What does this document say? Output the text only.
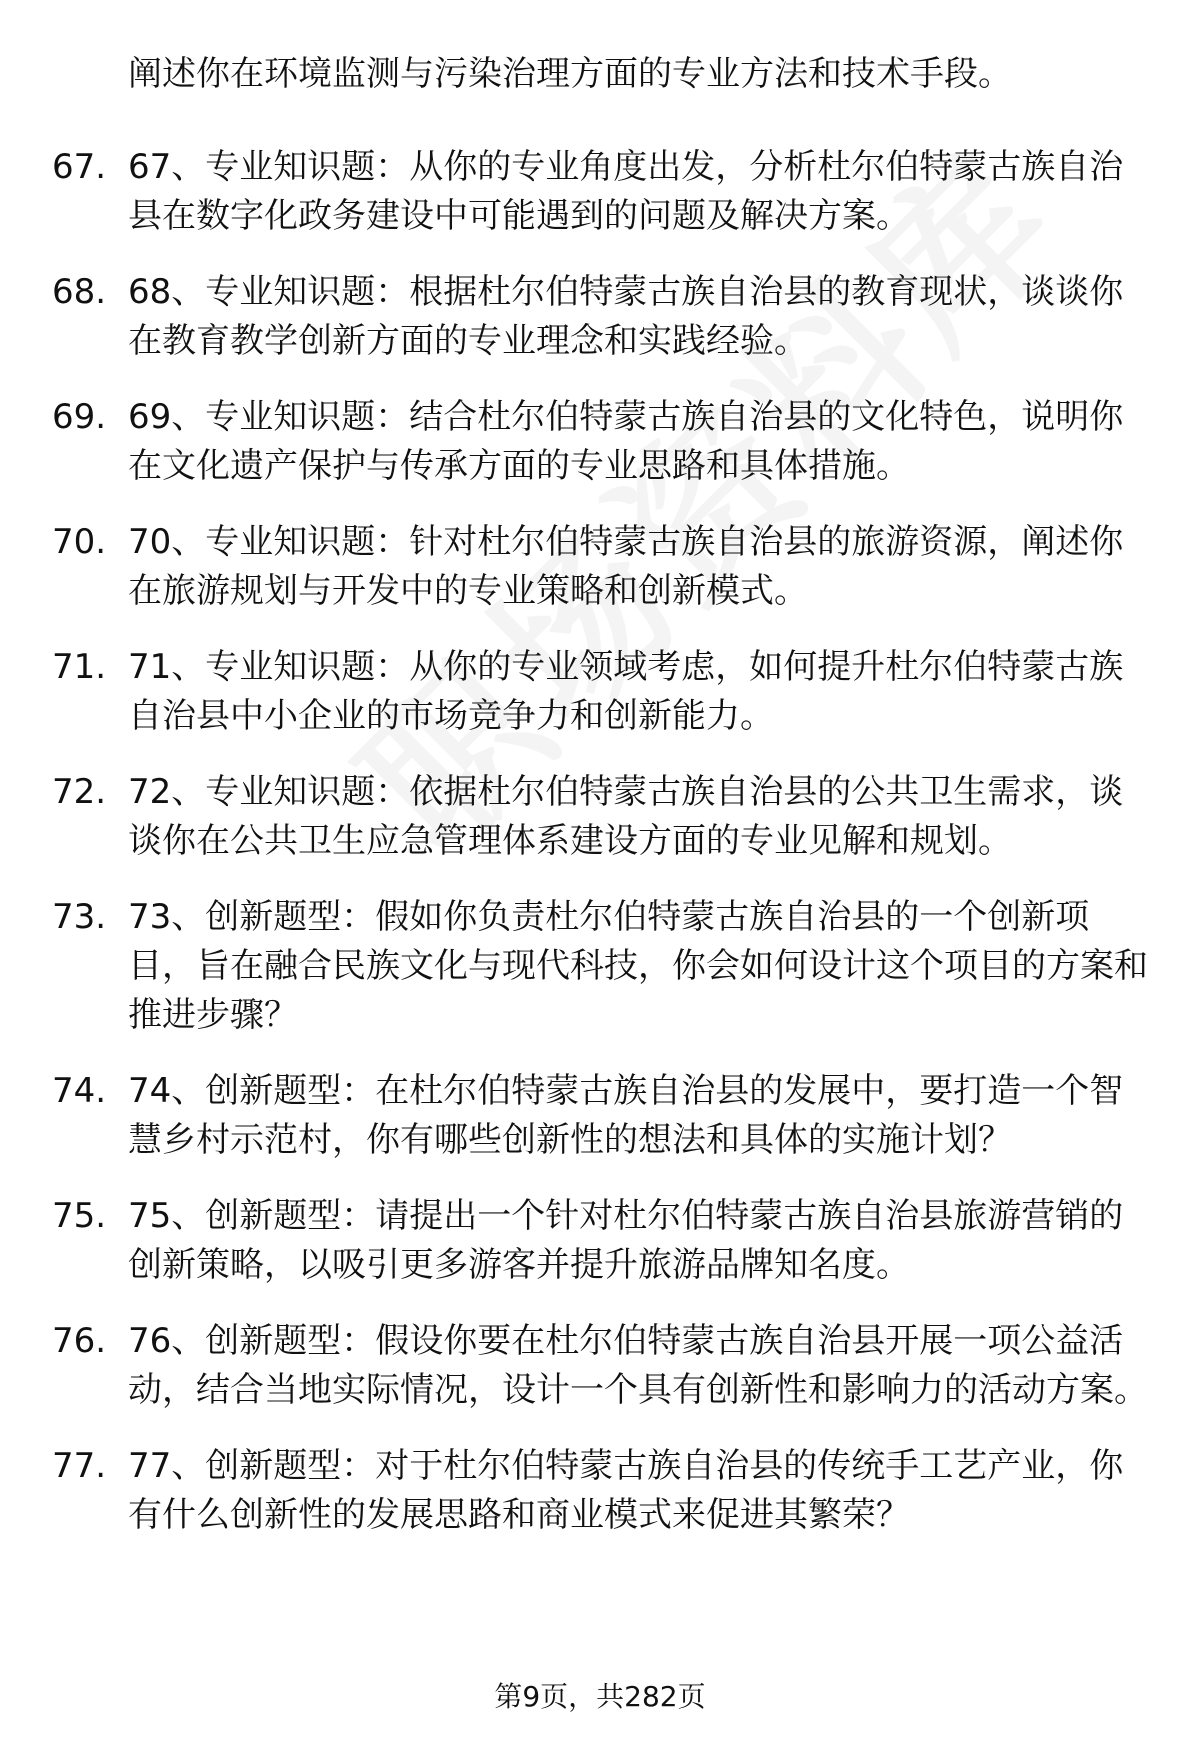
阐述你在环境监测与污染治理方面的专业方法和技术手段。
67. 67、专业知识题：从你的专业角度出发，分析杜尔伯特蒙古族自治县在数字化政务建设中可能遇到的问题及解决方案。
68. 68、专业知识题：根据杜尔伯特蒙古族自治县的教育现状，谈谈你在教育教学创新方面的专业理念和实践经验。
69. 69、专业知识题：结合杜尔伯特蒙古族自治县的文化特色，说明你在文化遗产保护与传承方面的专业思路和具体措施。
70. 70、专业知识题：针对杜尔伯特蒙古族自治县的旅游资源，阐述你在旅游规划与开发中的专业策略和创新模式。
71. 71、专业知识题：从你的专业领域考虑，如何提升杜尔伯特蒙古族自治县中小企业的市场竞争力和创新能力。
72. 72、专业知识题：依据杜尔伯特蒙古族自治县的公共卫生需求，谈谈你在公共卫生应急管理体系建设方面的专业见解和规划。
73. 73、创新题型：假如你负责杜尔伯特蒙古族自治县的一个创新项目，旨在融合民族文化与现代科技，你会如何设计这个项目的方案和推进步骤？
74. 74、创新题型：在杜尔伯特蒙古族自治县的发展中，要打造一个智慧乡村示范村，你有哪些创新性的想法和具体的实施计划？
75. 75、创新题型：请提出一个针对杜尔伯特蒙古族自治县旅游营销的创新策略，以吸引更多游客并提升旅游品牌知名度。
76. 76、创新题型：假设你要在杜尔伯特蒙古族自治县开展一项公益活动，结合当地实际情况，设计一个具有创新性和影响力的活动方案。
77. 77、创新题型：对于杜尔伯特蒙古族自治县的传统手工艺产业，你有什么创新性的发展思路和商业模式来促进其繁荣？
第9页，共282页
